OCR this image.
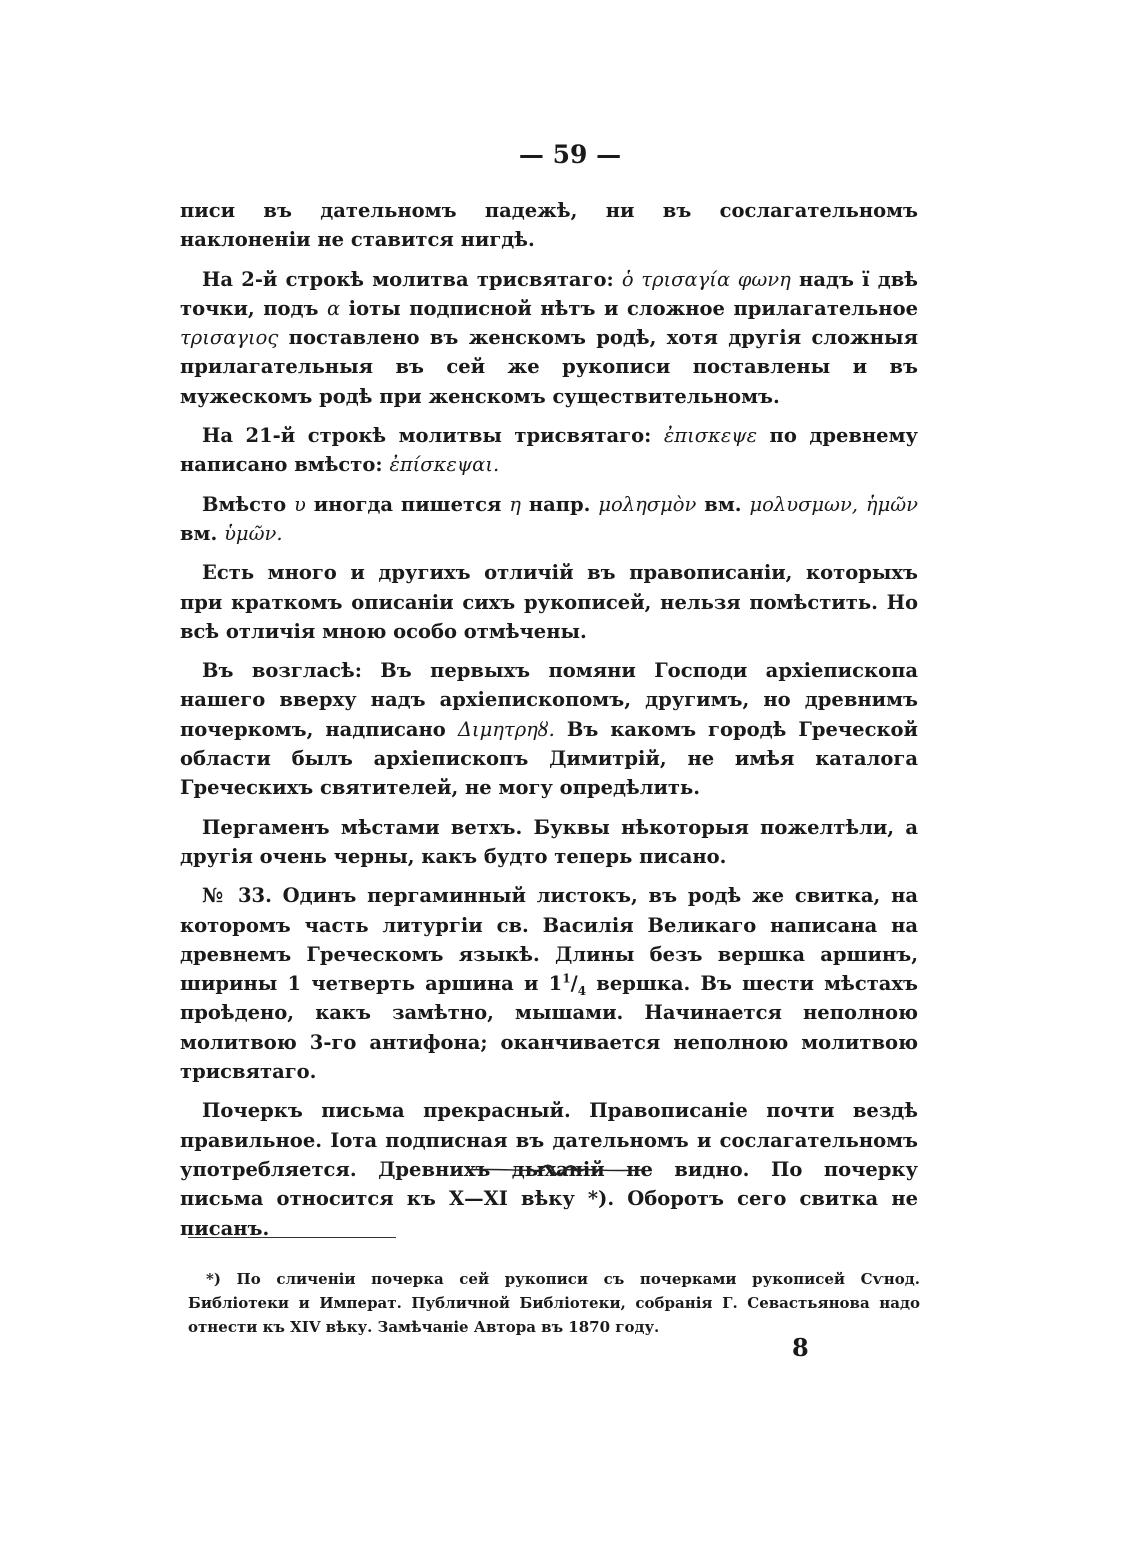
— 59 —

писи въ дательномъ падежѣ, ни въ сослагательномъ наклоненіи не ставится нигдѣ.

На 2-й строкѣ молитва трисвятаго: ὁ τρισαγία φωνη надъ ї двѣ точки, подъ α іоты подписной нѣтъ и сложное прилагательное τρισαγιος поставлено въ женскомъ родѣ, хотя другія сложныя прилагательныя въ сей же рукописи поставлены и въ мужескомъ родѣ при женскомъ существительномъ.

На 21-й строкѣ молитвы трисвятаго: ἐπισκεψε по древнему написано вмѣсто: ἐπίσκεψαι.

Вмѣсто υ иногда пишется η напр. μολησμὸν вм. μολυσμων, ἡμῶν вм. ὑμῶν.

Есть много и другихъ отличій въ правописаніи, которыхъ при краткомъ описаніи сихъ рукописей, нельзя помѣстить. Но всѣ отличія мною особо отмѣчены.

Въ возгласѣ: Въ первыхъ помяни Господи архіепископа нашего вверху надъ архіепископомъ, другимъ, но древнимъ почеркомъ, надписано Διμητρηȣ. Въ какомъ городѣ Греческой области былъ архіепископъ Димитрій, не имѣя каталога Греческихъ святителей, не могу опредѣлить.

Пергаменъ мѣстами ветхъ. Буквы нѣкоторыя пожелтѣли, а другія очень черны, какъ будто теперь писано.

№ 33. Одинъ пергаминный листокъ, въ родѣ же свитка, на которомъ часть литургіи св. Василія Великаго написана на древнемъ Греческомъ языкѣ. Длины безъ вершка аршинъ, ширины 1 четверть аршина и $1^1/_4$ вершка. Въ шести мѣстахъ проѣдено, какъ замѣтно, мышами. Начинается неполною молитвою 3-го антифона; оканчивается неполною молитвою трисвятаго.

Почеркъ письма прекрасный. Правописаніе почти вездѣ правильное. Іота подписная въ дательномъ и сослагательномъ употребляется. Древнихъ дыханій не видно. По почерку письма относится къ X—XI вѣку *). Оборотъ сего свитка не писанъ.

*) По сличеніи почерка сей рукописи съ почерками рукописей Сѵнод. Библіотеки и Императ. Публичной Библіотеки, собранія Г. Севастьянова надо отнести къ XIV вѣку. Замѣчаніе Автора въ 1870 году.

8
